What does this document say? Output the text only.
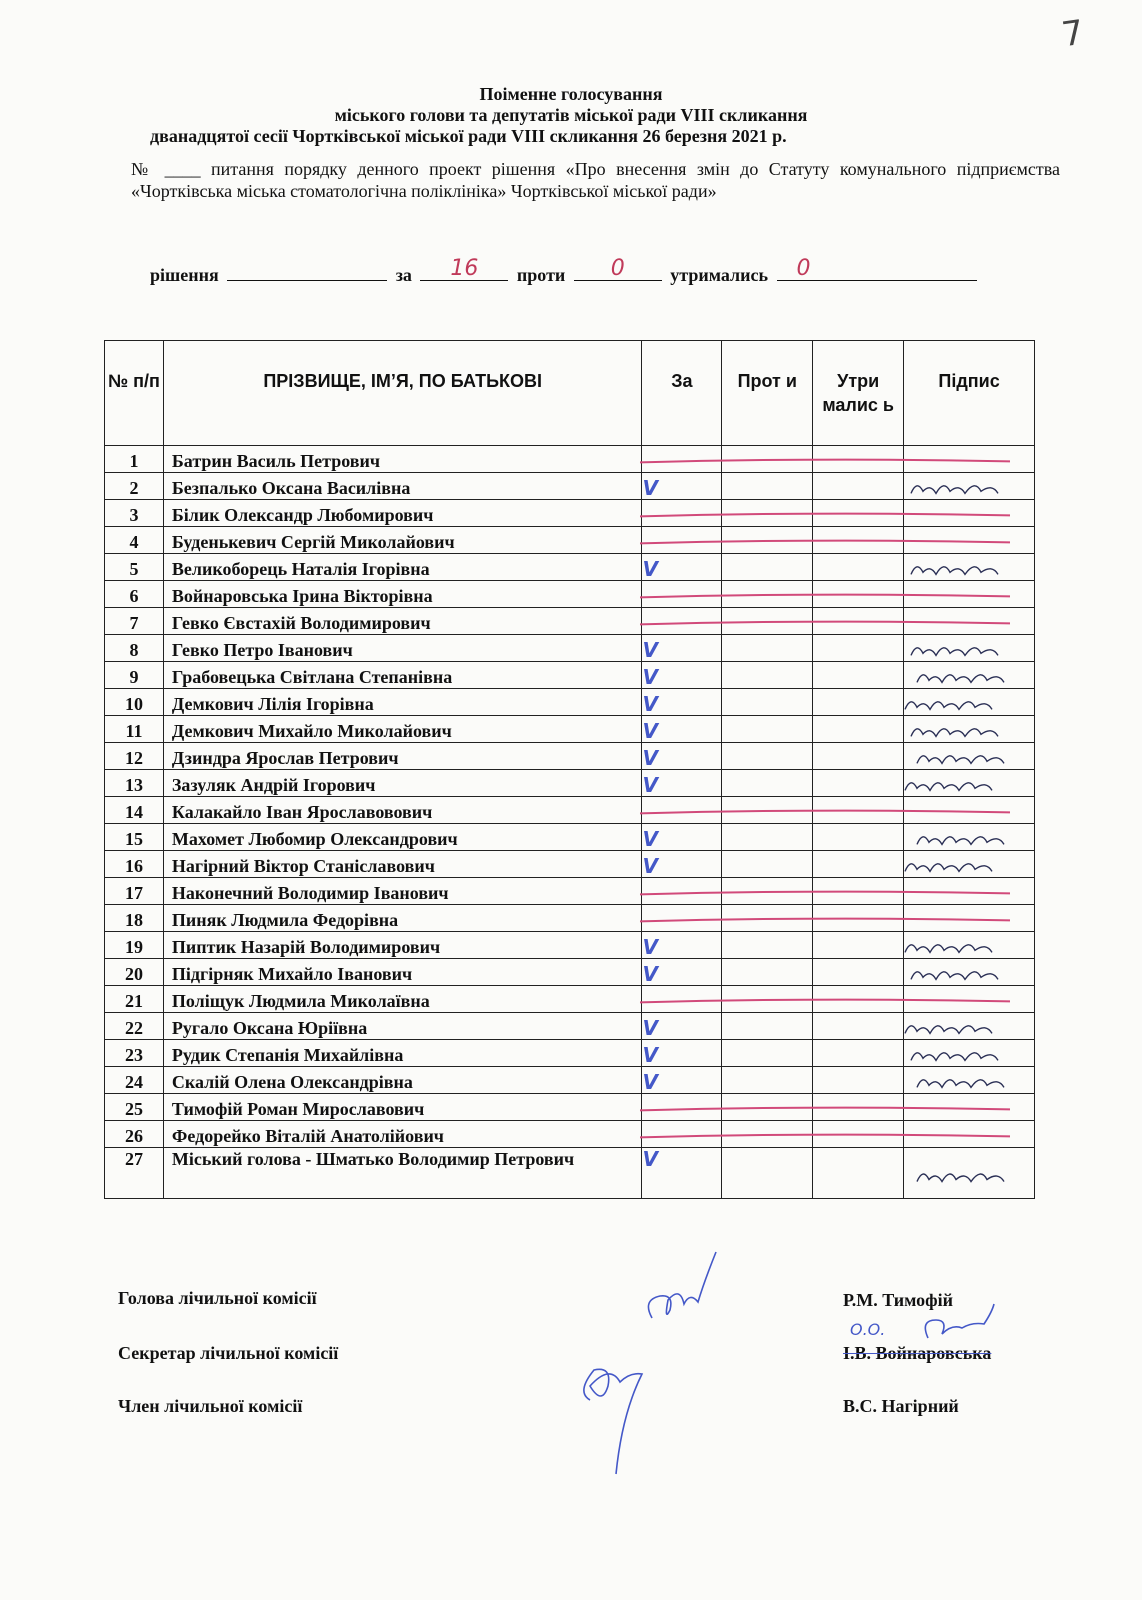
7
Поіменне голосування
міського голови та депутатів міської ради VIII скликання
дванадцятої сесії Чортківської міської ради VIII скликання 26 березня 2021 р.
№ ____ питання порядку денного проект рішення «Про внесення змін до Статуту комунального підприємства «Чортківська міська стоматологічна поліклініка» Чортківської міської ради»
рішення	за	16	проти	0	утримались	0
№ п/п	ПРІЗВИЩЕ, ІМ’Я, ПО БАТЬКОВІ	За	Прот и	Утри малис ь	Підпис
1	Батрин Василь Петрович				
2	Безпалько Оксана Василівна	V			
3	Білик Олександр Любомирович				
4	Буденькевич Сергій Миколайович				
5	Великоборець Наталія Ігорівна	V			
6	Войнаровська Ірина Вікторівна				
7	Гевко Євстахій Володимирович				
8	Гевко Петро Іванович	V			
9	Грабовецька Світлана Степанівна	V			
10	Демкович Лілія Ігорівна	V			
11	Демкович Михайло Миколайович	V			
12	Дзиндра Ярослав Петрович	V			
13	Зазуляк Андрій Ігорович	V			
14	Калакайло Іван Ярославовович				
15	Махомет Любомир Олександрович	V			
16	Нагірний Віктор Станіславович	V			
17	Наконечний Володимир Іванович				
18	Пиняк Людмила Федорівна				
19	Пиптик Назарій Володимирович	V			
20	Підгірняк Михайло Іванович	V			
21	Поліщук Людмила Миколаївна				
22	Ругало Оксана Юріївна	V			
23	Рудик Степанія Михайлівна	V			
24	Скалій Олена Олександрівна	V			
25	Тимофій Роман Мирославович				
26	Федорейко Віталій Анатолійович				
27	Міський голова - Шматько Володимир Петрович	V			
Голова лічильної комісії
Секретар лічильної комісії
Член лічильної комісії
Р.М. Тимофій
І.В. Войнаровська
В.С. Нагірний
О.О.
